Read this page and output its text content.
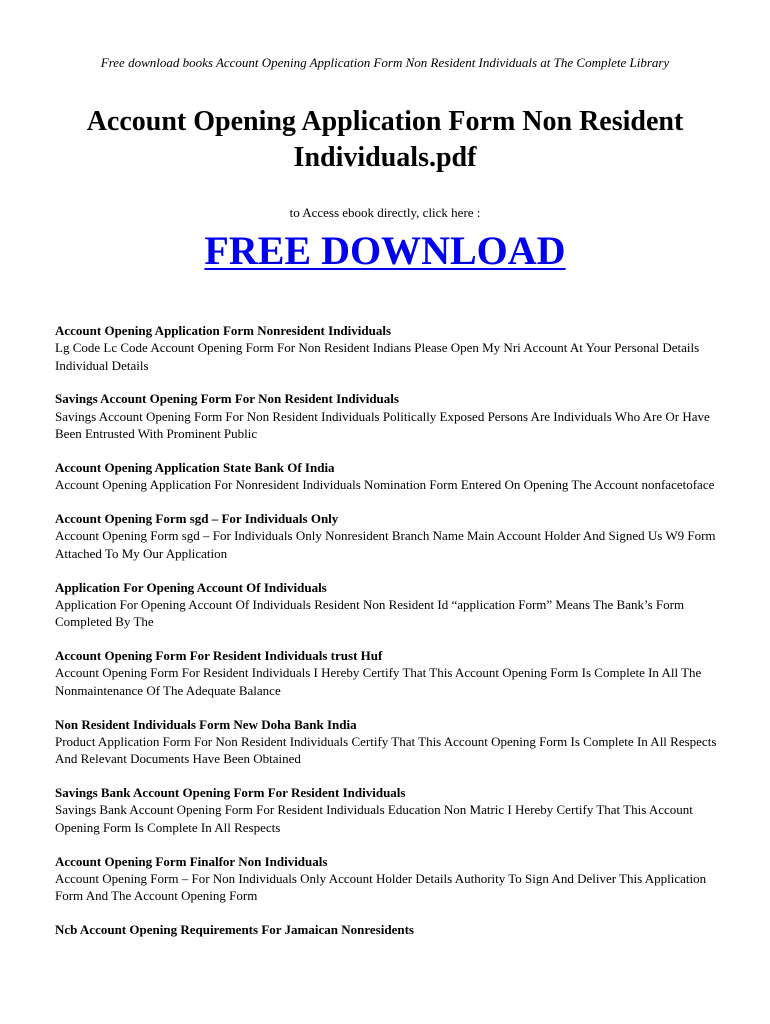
Free download books Account Opening Application Form Non Resident Individuals at The Complete Library
Account Opening Application Form Non Resident Individuals.pdf
to Access ebook directly, click here :
FREE DOWNLOAD
Account Opening Application Form Nonresident Individuals
Lg Code Lc Code Account Opening Form For Non Resident Indians Please Open My Nri Account At Your Personal Details Individual Details
Savings Account Opening Form For Non Resident Individuals
Savings Account Opening Form For Non Resident Individuals Politically Exposed Persons Are Individuals Who Are Or Have Been Entrusted With Prominent Public
Account Opening Application State Bank Of India
Account Opening Application For Nonresident Individuals Nomination Form Entered On Opening The Account nonfacetoface
Account Opening Form sgd – For Individuals Only
Account Opening Form sgd – For Individuals Only Nonresident Branch Name Main Account Holder And Signed Us W9 Form Attached To My Our Application
Application For Opening Account Of Individuals
Application For Opening Account Of Individuals Resident Non Resident Id “application Form” Means The Bank’s Form Completed By The
Account Opening Form For Resident Individuals trust Huf
Account Opening Form For Resident Individuals I Hereby Certify That This Account Opening Form Is Complete In All The Nonmaintenance Of The Adequate Balance
Non Resident Individuals Form New Doha Bank India
Product Application Form For Non Resident Individuals Certify That This Account Opening Form Is Complete In All Respects And Relevant Documents Have Been Obtained
Savings Bank Account Opening Form For Resident Individuals
Savings Bank Account Opening Form For Resident Individuals Education Non Matric I Hereby Certify That This Account Opening Form Is Complete In All Respects
Account Opening Form Finalfor Non Individuals
Account Opening Form – For Non Individuals Only Account Holder Details Authority To Sign And Deliver This Application Form And The Account Opening Form
Ncb Account Opening Requirements For Jamaican Nonresidents
